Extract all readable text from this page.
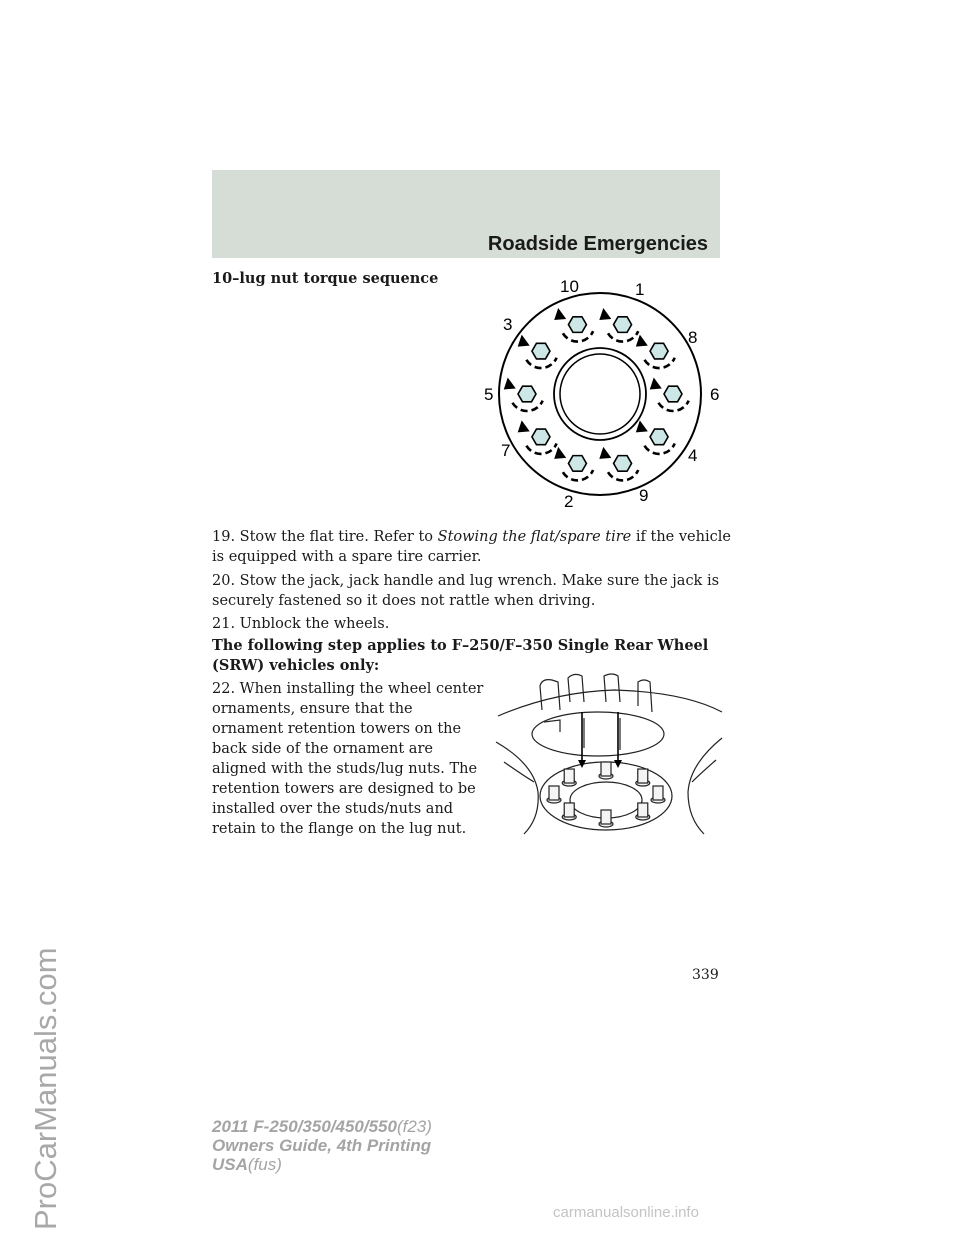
Roadside Emergencies
10–lug nut torque sequence	10	1
3
8
5	6
7	4
2	9
19. Stow the flat tire. Refer to Stowing the flat/spare tire if the vehicle
is equipped with a spare tire carrier.
20. Stow the jack, jack handle and lug wrench. Make sure the jack is
securely fastened so it does not rattle when driving.
21. Unblock the wheels.
The following step applies to F–250/F–350 Single Rear Wheel
(SRW) vehicles only:
22. When installing the wheel center
ornaments, ensure that the
ornament retention towers on the
back side of the ornament are
aligned with the studs/lug nuts. The
retention towers are designed to be
installed over the studs/nuts and
retain to the flange on the lug nut.
339
2011 F-250/350/450/550(f23)
Owners Guide, 4th Printing
USA(fus)
ProCarManuals.com	carmanualsonline.info
